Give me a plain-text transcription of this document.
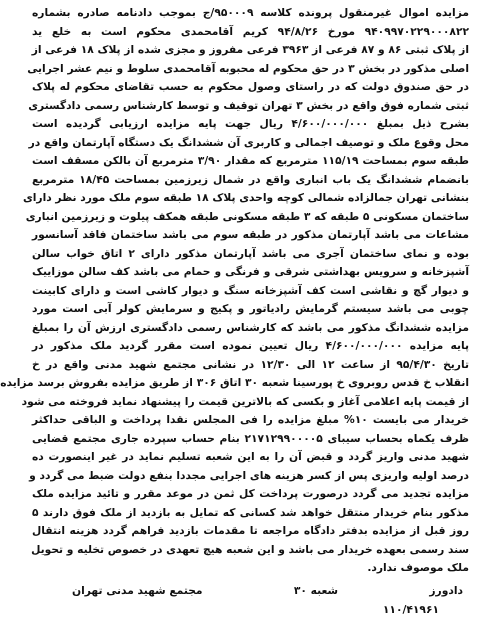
مزایده اموال غیرمنقول پرونده کلاسه ۹۵۰۰۰۹/ج بموجب دادنامه صادره بشماره
۹۴۰۹۹۷۰۲۲۹۰۰۰۸۲۲ مورخ ۹۴/۸/۲۶ کریم آقامحمدی محکوم است به خلع ید
از پلاک ثبتی ۸۶ و ۸۷ فرعی از ۳۹۶۳ فرعی مفروز و مجزی شده از پلاک ۱۸ فرعی از
اصلی مذکور در بخش ۳ در حق محکوم له محبوبه آقامحمدی سلوط و نیم عشر اجرایی
در حق صندوق دولت که در راستای وصول محکوم به حسب تقاضای محکوم له پلاک
ثبتی شماره فوق واقع در بخش ۳ تهران توقیف و توسط کارشناس رسمی دادگستری
بشرح ذیل بمبلغ ۴/۶۰۰/۰۰۰/۰۰۰ ریال جهت پایه مزایده ارزیابی گردیده است
محل وقوع ملک و توصیف اجمالی و کاربری آن ششدانگ یک دستگاه آپارتمان واقع در
طبقه سوم بمساحت ۱۱۵/۱۹ مترمربع که مقدار ۳/۹۰ مترمربع آن بالکن مسقف است
بانضمام ششدانگ یک باب انباری واقع در شمال زیرزمین بمساحت ۱۸/۴۵ مترمربع
بنشانی تهران جمالزاده شمالی کوچه واحدی پلاک ۱۸ طبقه سوم ملک مورد نظر دارای
ساختمان مسکونی ۵ طبقه که ۳ طبقه مسکونی طبقه همکف پیلوت و زیرزمین انباری
مشاعات می باشد آپارتمان مذکور در طبقه سوم می باشد ساختمان فاقد آسانسور
بوده و نمای ساختمان آجری می باشد آپارتمان مذکور دارای ۲ اتاق خواب سالن
آشپزخانه و سرویس بهداشتی شرقی و فرنگی و حمام می باشد کف سالن موزاییک
و دیوار گچ و نقاشی است کف آشپزخانه سنگ و دیوار کاشی است و دارای کابینت
چوبی می باشد سیستم گرمایش رادیاتور و پکیج و سرمایش کولر آبی است مورد
مزایده ششدانگ مذکور می باشد که کارشناس رسمی دادگستری ارزش آن را بمبلغ
پایه مزایده ۴/۶۰۰/۰۰۰/۰۰۰ ریال تعیین نموده است مقرر گردید ملک مذکور در
تاریخ ۹۵/۴/۳۰ از ساعت ۱۲ الی ۱۲/۳۰ در نشانی مجتمع شهید مدنی واقع در خ
انقلاب خ قدس روبروی خ پورسینا شعبه ۳۰ اتاق ۳۰۶ از طریق مزایده بفروش برسد مزایده
از قیمت پایه اعلامی آغاز و بکسی که بالاترین قیمت را پیشنهاد نماید فروخته می شود
خریدار می بایست ۱۰% مبلغ مزایده را فی المجلس نقدا پرداخت و الباقی حداکثر
ظرف یکماه بحساب سیبای ۲۱۷۱۲۹۹۰۰۰۰۵ بنام حساب سپرده جاری مجتمع قضایی
شهید مدنی واریز گردد و قبض آن را به این شعبه تسلیم نماید در غیر اینصورت ده
درصد اولیه واریزی پس از کسر هزینه های اجرایی مجددا بنفع دولت ضبط می گردد و
مزایده تجدید می گردد درصورت پرداخت کل ثمن در موعد مقرر و تائید مزایده ملک
مذکور بنام خریدار منتقل خواهد شد کسانی که تمایل به بازدید از ملک فوق دارند ۵
روز قبل از مزایده بدفتر دادگاه مراجعه تا مقدمات بازدید فراهم گردد هزینه انتقال
سند رسمی بعهده خریدار می باشد و این شعبه هیچ تعهدی در خصوص تخلیه و تحویل
ملک موصوف ندارد.
دادورز
شعبه ۳۰
مجتمع شهید مدنی تهران
۱۱۰/۴۱۹۶۱
